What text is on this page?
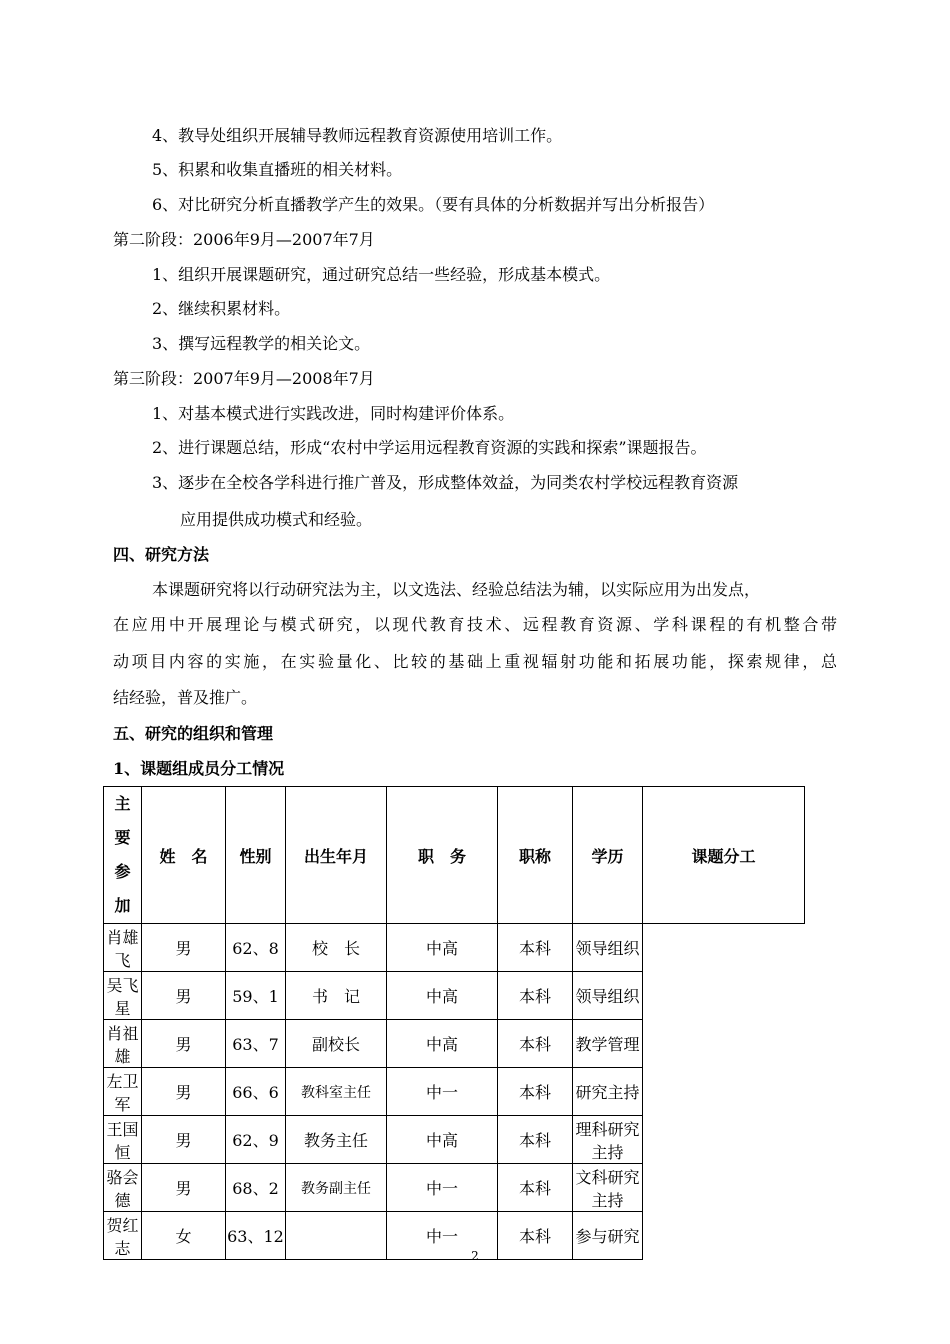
4、教导处组织开展辅导教师远程教育资源使用培训工作。
5、积累和收集直播班的相关材料。
6、对比研究分析直播教学产生的效果。（要有具体的分析数据并写出分析报告）
第二阶段：2006年9月—2007年7月
1、组织开展课题研究，通过研究总结一些经验，形成基本模式。
2、继续积累材料。
3、撰写远程教学的相关论文。
第三阶段：2007年9月—2008年7月
1、对基本模式进行实践改进，同时构建评价体系。
2、进行课题总结，形成“农村中学运用远程教育资源的实践和探索”课题报告。
3、逐步在全校各学科进行推广普及，形成整体效益，为同类农村学校远程教育资源
应用提供成功模式和经验。
四、研究方法
本课题研究将以行动研究法为主，以文选法、经验总结法为辅，以实际应用为出发点，
在应用中开展理论与模式研究，以现代教育技术、远程教育资源、学科课程的有机整合带
动项目内容的实施，在实验量化、比较的基础上重视辐射功能和拓展功能，探索规律，总
结经验，普及推广。
五、研究的组织和管理
1、课题组成员分工情况
主
要
参
加	姓　名	性别	出生年月	职　务	职称	学历	课题分工
肖雄飞	男	62、8	校　长	中高	本科	领导组织	
吴飞星	男	59、1	书　记	中高	本科	领导组织	
肖祖雄	男	63、7	副校长	中高	本科	教学管理	
左卫军	男	66、6	教科室主任	中一	本科	研究主持	
王国恒	男	62、9	教务主任	中高	本科	理科研究主持	
骆会德	男	68、2	教务副主任	中一	本科	文科研究主持	
贺红志	女	63、12		中一	本科	参与研究	
2
